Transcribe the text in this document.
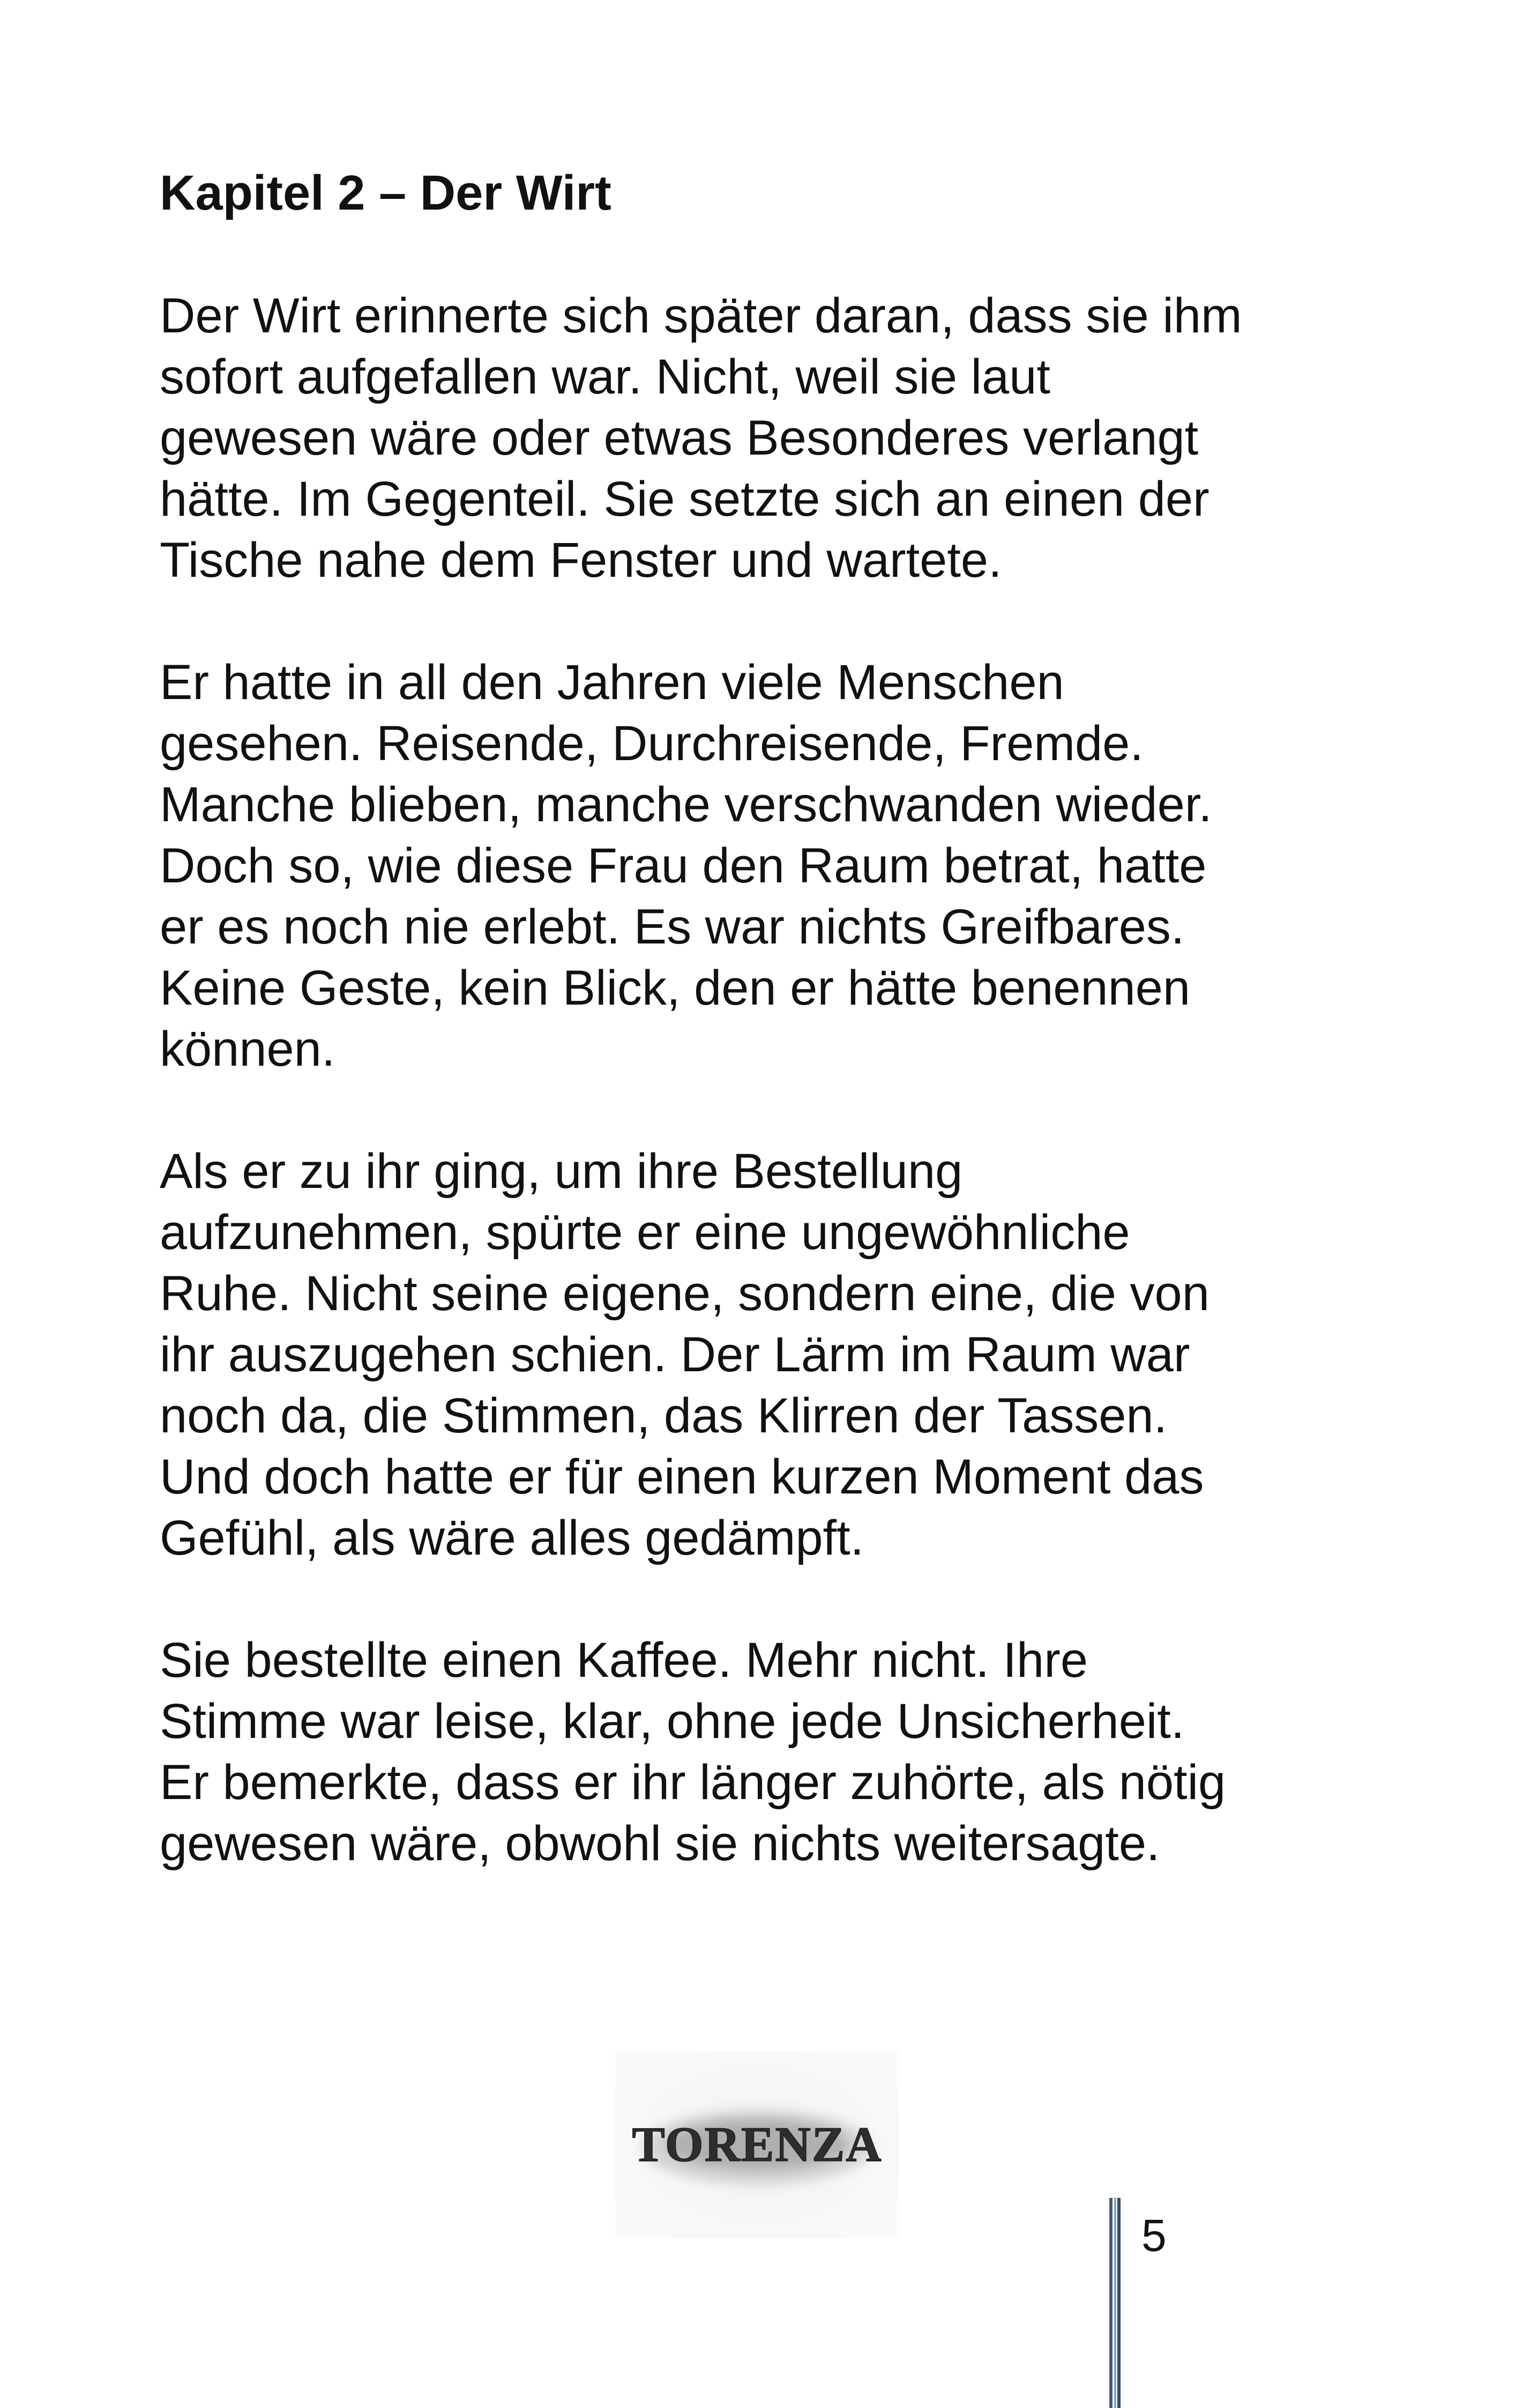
Kapitel 2 – Der Wirt

Der Wirt erinnerte sich später daran, dass sie ihm
sofort aufgefallen war. Nicht, weil sie laut
gewesen wäre oder etwas Besonderes verlangt
hätte. Im Gegenteil. Sie setzte sich an einen der
Tische nahe dem Fenster und wartete.

Er hatte in all den Jahren viele Menschen
gesehen. Reisende, Durchreisende, Fremde.
Manche blieben, manche verschwanden wieder.
Doch so, wie diese Frau den Raum betrat, hatte
er es noch nie erlebt. Es war nichts Greifbares.
Keine Geste, kein Blick, den er hätte benennen
können.

Als er zu ihr ging, um ihre Bestellung
aufzunehmen, spürte er eine ungewöhnliche
Ruhe. Nicht seine eigene, sondern eine, die von
ihr auszugehen schien. Der Lärm im Raum war
noch da, die Stimmen, das Klirren der Tassen.
Und doch hatte er für einen kurzen Moment das
Gefühl, als wäre alles gedämpft.

Sie bestellte einen Kaffee. Mehr nicht. Ihre
Stimme war leise, klar, ohne jede Unsicherheit.
Er bemerkte, dass er ihr länger zuhörte, als nötig
gewesen wäre, obwohl sie nichts weitersagte.

TORENZA
5
